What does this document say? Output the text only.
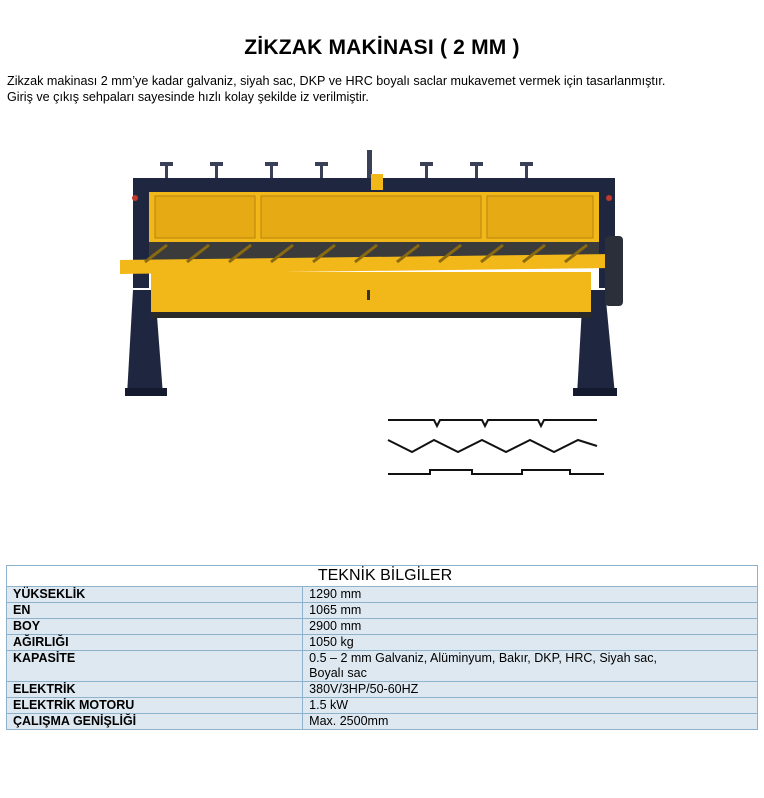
ZİKZAK MAKİNASI ( 2 MM )
Zikzak makinası 2 mm’ye kadar galvaniz, siyah sac, DKP ve HRC boyalı saclar mukavemet vermek için tasarlanmıştır.
Giriş ve çıkış sehpaları sayesinde hızlı kolay şekilde iz verilmiştir.
TEKNİK BİLGİLER	
YÜKSEKLİK	1290 mm
EN	1065 mm
BOY	2900 mm
AĞIRLIĞI	1050 kg
KAPASİTE	0.5 – 2 mm Galvaniz, Alüminyum, Bakır, DKP, HRC, Siyah sac,
Boyalı sac

ELEKTRİK	380V/3HP/50-60HZ
ELEKTRİK MOTORU	1.5 kW
ÇALIŞMA GENİŞLİĞİ	Max. 2500mm
